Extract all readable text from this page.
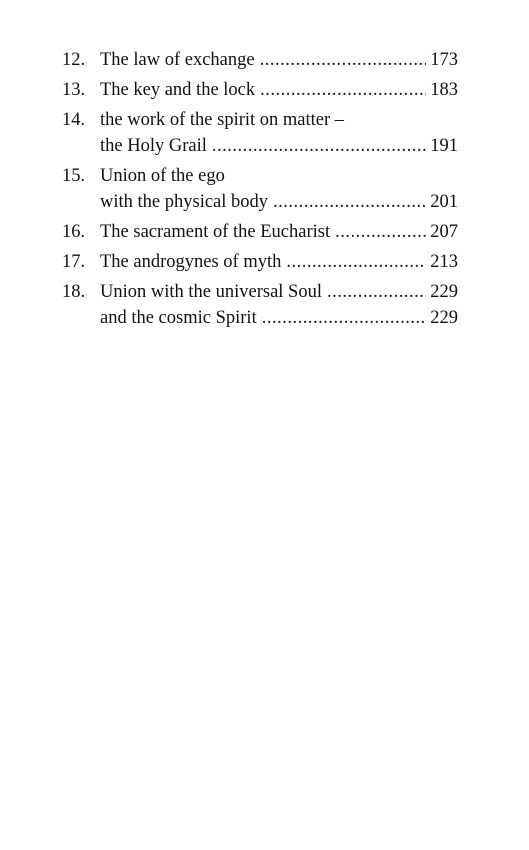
12. The law of exchange .....	173
13. The key and the lock .....	183
14. the work of the spirit on matter –
the Holy Grail .....	191
15. Union of the ego
with the physical body .....	201
16. The sacrament of the Eucharist .....	207
17. The androgynes of myth .....	213
18. Union with the universal Soul .....	229
and the cosmic Spirit .....	229
